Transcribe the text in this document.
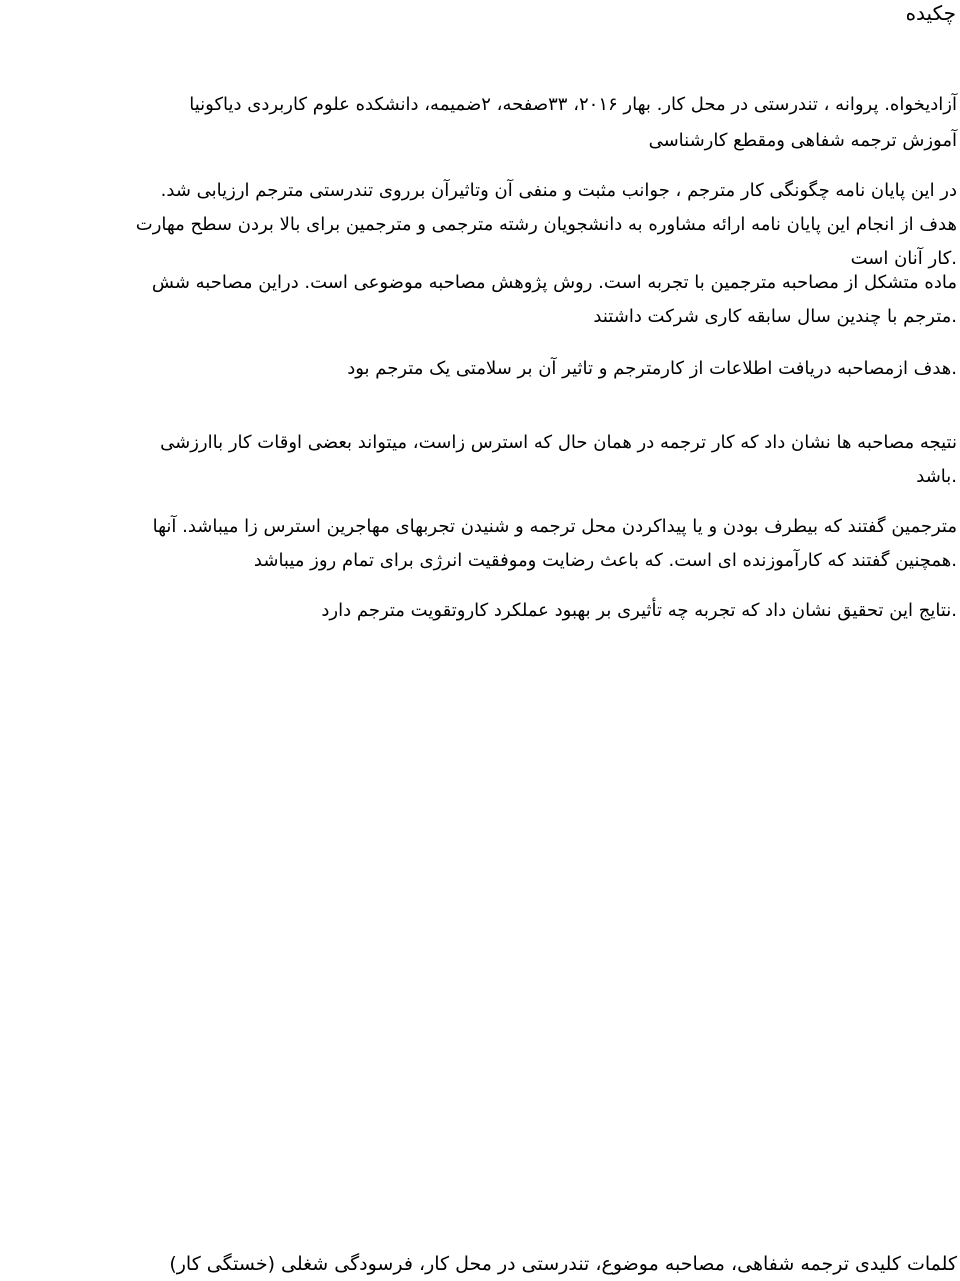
چکیده

آزادیخواه. پروانه ، تندرستی در محل کار. بهار ۲۰۱۶، ۳۳صفحه، ۲ضمیمه، دانشکده علوم کاربردی دیاکونیا

آموزش ترجمه شفاهی ومقطع کارشناسی

در این پایان نامه چگونگی کار مترجم ، جوانب مثبت و منفی آن وتاثیرآن برروی تندرستی مترجم ارزیابی شد.

هدف از انجام این پایان نامه ارائه مشاوره به دانشجویان رشته مترجمی و مترجمین برای بالا بردن سطح مهارت

.کار آنان است

ماده متشکل از مصاحبه مترجمین با تجربه است. روش پژوهش مصاحبه موضوعی است. دراین مصاحبه شش

.مترجم با چندین سال سابقه کاری شرکت داشتند

.هدف ازمصاحبه دریافت اطلاعات از کارمترجم و تاثیر آن بر سلامتی یک مترجم بود

نتیجه مصاحبه ها نشان داد که کار ترجمه در همان حال که استرس زاست، میتواند بعضی اوقات کار باارزشی

.باشد

مترجمین گفتند که بیطرف بودن و یا پیداکردن محل ترجمه و شنیدن تجربهای مهاجرین استرس زا میباشد. آنها

.همچنین گفتند که کارآموزنده ای است. که باعث رضایت وموفقیت انرژی برای تمام روز میباشد

.نتایج این تحقیق نشان داد که تجربه چه تأثیری بر بهبود عملکرد کاروتقویت مترجم دارد

کلمات کلیدی ترجمه شفاهی، مصاحبه موضوع، تندرستی در محل کار، فرسودگی شغلی (خستگی کار)
